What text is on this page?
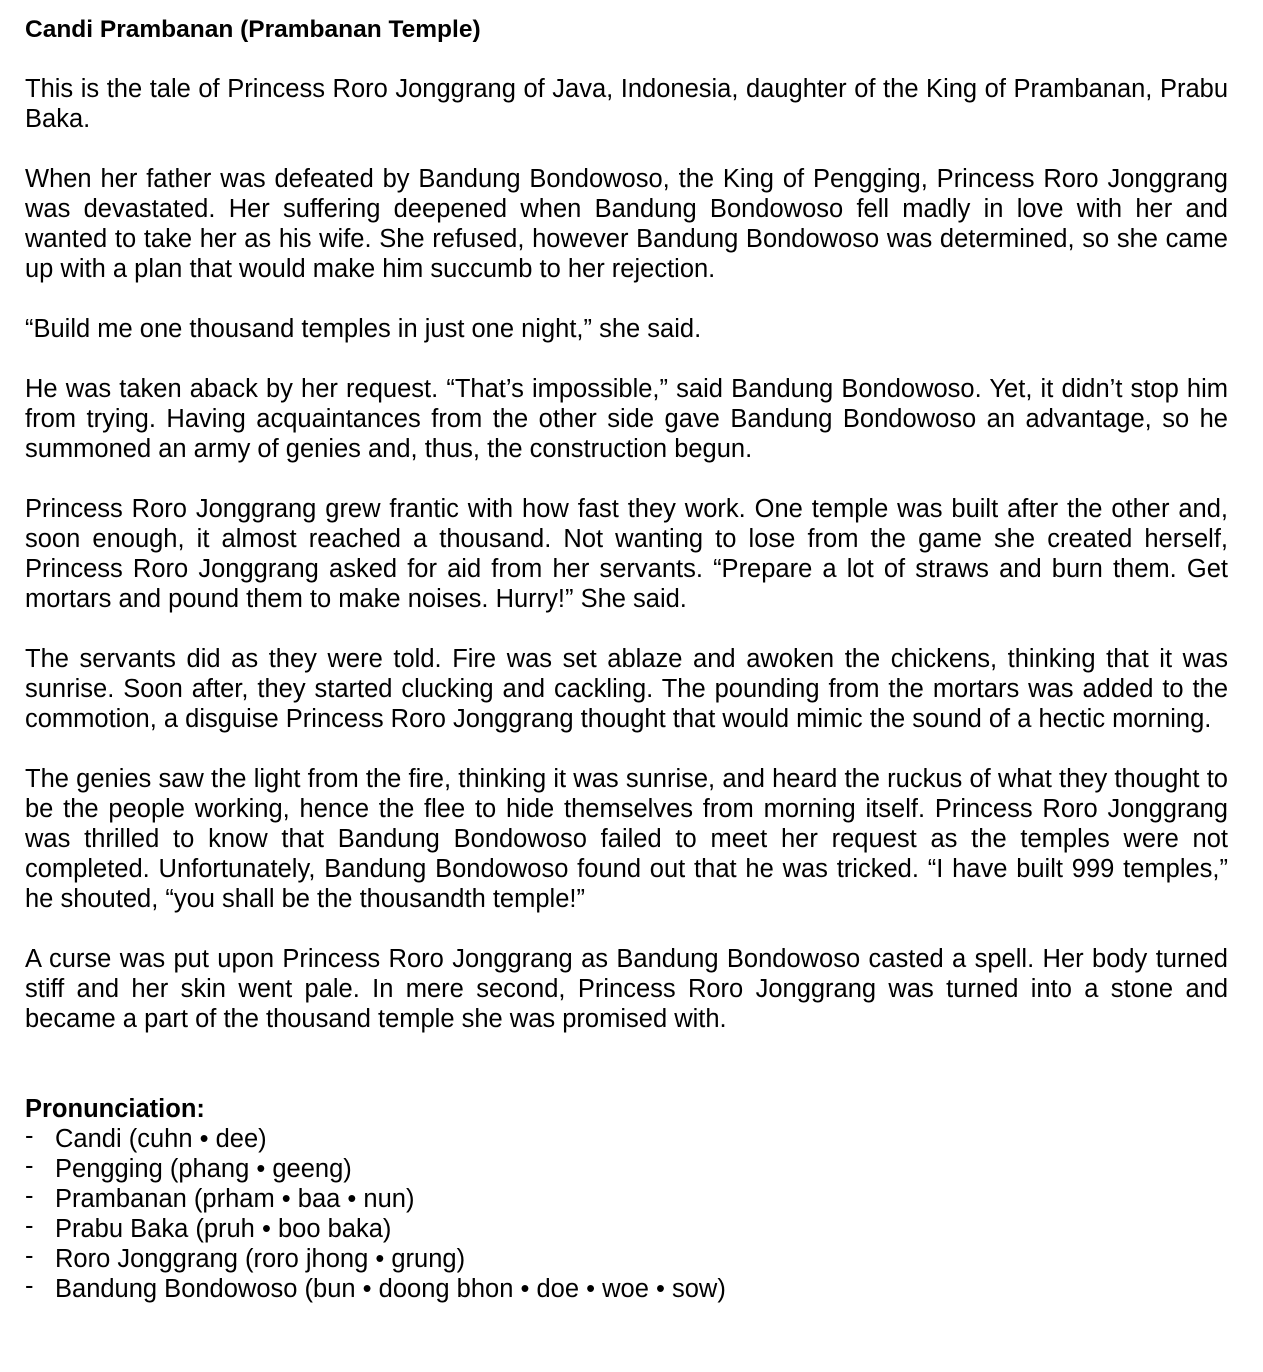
Candi Prambanan (Prambanan Temple)

This is the tale of Princess Roro Jonggrang of Java, Indonesia, daughter of the King of Prambanan, Prabu Baka.

When her father was defeated by Bandung Bondowoso, the King of Pengging, Princess Roro Jonggrang was devastated. Her suffering deepened when Bandung Bondowoso fell madly in love with her and wanted to take her as his wife. She refused, however Bandung Bondowoso was determined, so she came up with a plan that would make him succumb to her rejection.

“Build me one thousand temples in just one night,” she said.

He was taken aback by her request. “That’s impossible,” said Bandung Bondowoso. Yet, it didn’t stop him from trying. Having acquaintances from the other side gave Bandung Bondowoso an advantage, so he summoned an army of genies and, thus, the construction begun.

Princess Roro Jonggrang grew frantic with how fast they work. One temple was built after the other and, soon enough, it almost reached a thousand. Not wanting to lose from the game she created herself, Princess Roro Jonggrang asked for aid from her servants. “Prepare a lot of straws and burn them. Get mortars and pound them to make noises. Hurry!” She said.

The servants did as they were told. Fire was set ablaze and awoken the chickens, thinking that it was sunrise. Soon after, they started clucking and cackling. The pounding from the mortars was added to the commotion, a disguise Princess Roro Jonggrang thought that would mimic the sound of a hectic morning.

The genies saw the light from the fire, thinking it was sunrise, and heard the ruckus of what they thought to be the people working, hence the flee to hide themselves from morning itself. Princess Roro Jonggrang was thrilled to know that Bandung Bondowoso failed to meet her request as the temples were not completed. Unfortunately, Bandung Bondowoso found out that he was tricked. “I have built 999 temples,” he shouted, “you shall be the thousandth temple!”

A curse was put upon Princess Roro Jonggrang as Bandung Bondowoso casted a spell. Her body turned stiff and her skin went pale. In mere second, Princess Roro Jonggrang was turned into a stone and became a part of the thousand temple she was promised with.

Pronunciation:
- Candi (cuhn • dee)
- Pengging (phang • geeng)
- Prambanan (prham • baa • nun)
- Prabu Baka (pruh • boo baka)
- Roro Jonggrang (roro jhong • grung)
- Bandung Bondowoso (bun • doong bhon • doe • woe • sow)
